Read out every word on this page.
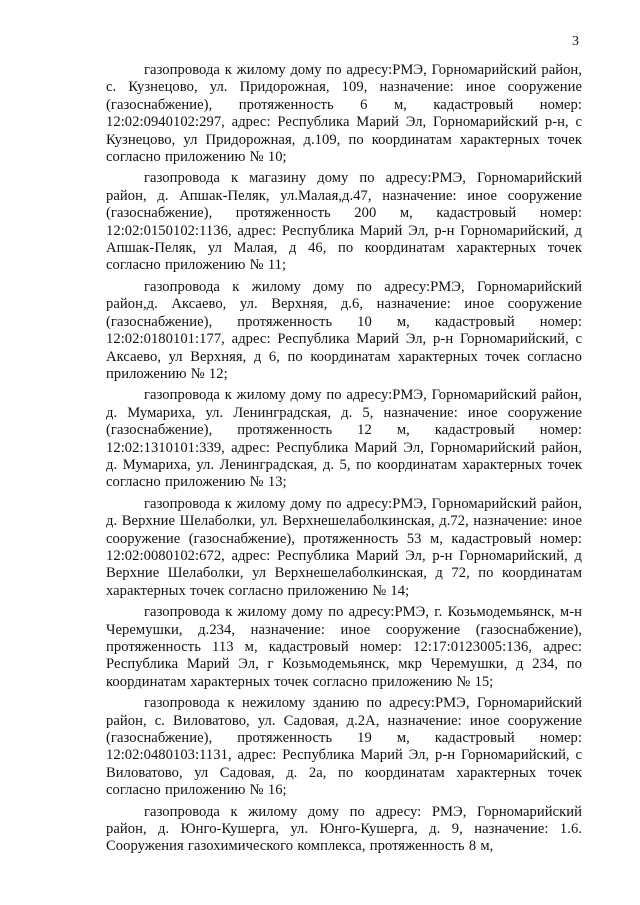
3

газопровода к жилому дому по адресу:РМЭ, Горномарийский район, с. Кузнецово, ул. Придорожная, 109, назначение: иное сооружение (газоснабжение), протяженность 6 м, кадастровый номер: 12:02:0940102:297, адрес: Республика Марий Эл, Горномарийский р-н, с Кузнецово, ул Придорожная, д.109, по координатам характерных точек согласно приложению № 10;

газопровода к магазину дому по адресу:РМЭ, Горномарийский район, д. Апшак-Пеляк, ул.Малая,д.47, назначение: иное сооружение (газоснабжение), протяженность 200 м, кадастровый номер: 12:02:0150102:1136, адрес: Республика Марий Эл, р-н Горномарийский, д Апшак-Пеляк, ул Малая, д 46, по координатам характерных точек согласно приложению № 11;

газопровода к жилому дому по адресу:РМЭ, Горномарийский район,д. Аксаево, ул. Верхняя, д.6, назначение: иное сооружение (газоснабжение), протяженность 10 м, кадастровый номер: 12:02:0180101:177, адрес: Республика Марий Эл, р-н Горномарийский, с Аксаево, ул Верхняя, д 6, по координатам характерных точек согласно приложению № 12;

газопровода к жилому дому по адресу:РМЭ, Горномарийский район, д. Мумариха, ул. Ленинградская, д. 5, назначение: иное сооружение (газоснабжение), протяженность 12 м, кадастровый номер: 12:02:1310101:339, адрес: Республика Марий Эл, Горномарийский район, д. Мумариха, ул. Ленинградская, д. 5, по координатам характерных точек согласно приложению № 13;

газопровода к жилому дому по адресу:РМЭ, Горномарийский район, д. Верхние Шелаболки, ул. Верхнешелаболкинская, д.72, назначение: иное сооружение (газоснабжение), протяженность 53 м, кадастровый номер: 12:02:0080102:672, адрес: Республика Марий Эл, р-н Горномарийский, д Верхние Шелаболки, ул Верхнешелаболкинская, д 72, по координатам характерных точек согласно приложению № 14;

газопровода к жилому дому по адресу:РМЭ, г. Козьмодемьянск, м-н Черемушки, д.234, назначение: иное сооружение (газоснабжение), протяженность 113 м, кадастровый номер: 12:17:0123005:136, адрес: Республика Марий Эл, г Козьмодемьянск, мкр Черемушки, д 234, по координатам характерных точек согласно приложению № 15;

газопровода к нежилому зданию по адресу:РМЭ, Горномарийский район, с. Виловатово, ул. Садовая, д.2А, назначение: иное сооружение (газоснабжение), протяженность 19 м, кадастровый номер: 12:02:0480103:1131, адрес: Республика Марий Эл, р-н Горномарийский, с Виловатово, ул Садовая, д. 2а, по координатам характерных точек согласно приложению № 16;

газопровода к жилому дому по адресу: РМЭ, Горномарийский район, д. Юнго-Кушерга, ул. Юнго-Кушерга, д. 9, назначение: 1.6. Сооружения газохимического комплекса, протяженность 8 м,
